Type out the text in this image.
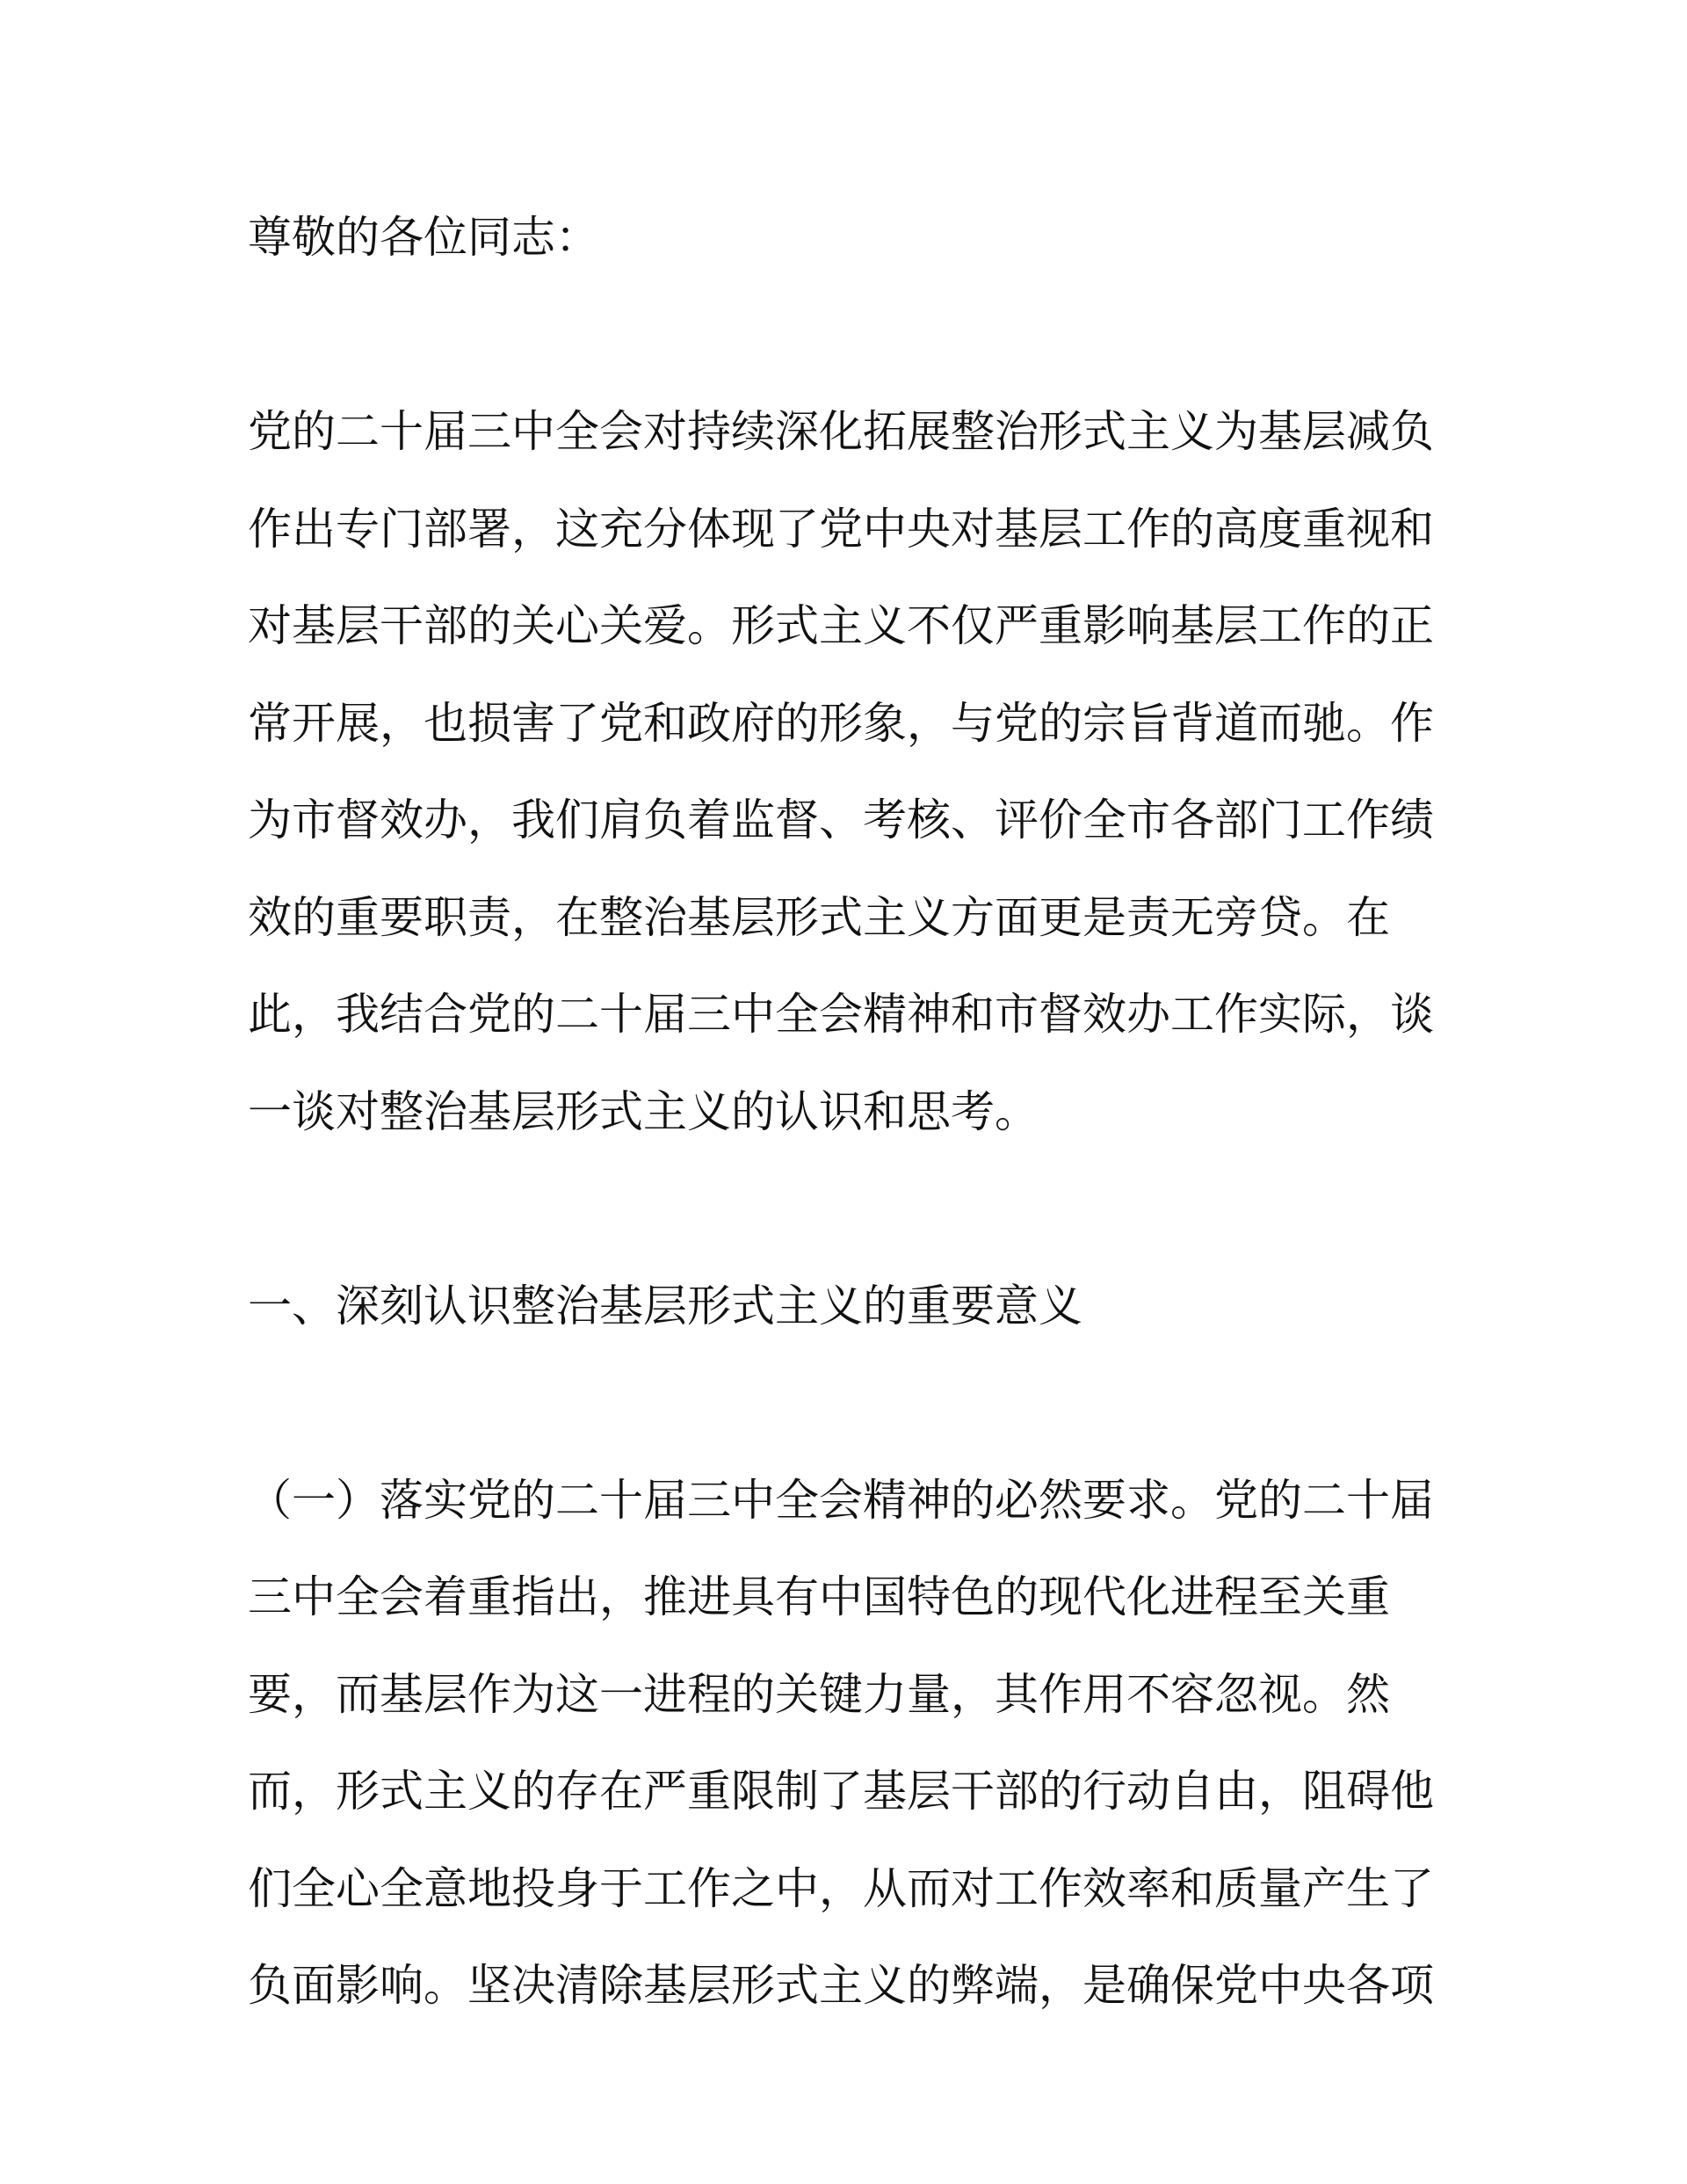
尊敬的各位同志：

党的二十届三中全会对持续深化拓展整治形式主义为基层减负

作出专门部署，这充分体现了党中央对基层工作的高度重视和

对基层干部的关心关爱。形式主义不仅严重影响基层工作的正

常开展，也损害了党和政府的形象，与党的宗旨背道而驰。作

为市督效办，我们肩负着监督、考核、评价全市各部门工作绩

效的重要职责，在整治基层形式主义方面更是责无旁贷。在

此，我结合党的二十届三中全会精神和市督效办工作实际，谈

一谈对整治基层形式主义的认识和思考。

一、深刻认识整治基层形式主义的重要意义

（一）落实党的二十届三中全会精神的必然要求。党的二十届

三中全会着重指出，推进具有中国特色的现代化进程至关重

要，而基层作为这一进程的关键力量，其作用不容忽视。然

而，形式主义的存在严重限制了基层干部的行动自由，阻碍他

们全心全意地投身于工作之中，从而对工作效率和质量产生了

负面影响。坚决清除基层形式主义的弊端，是确保党中央各项
